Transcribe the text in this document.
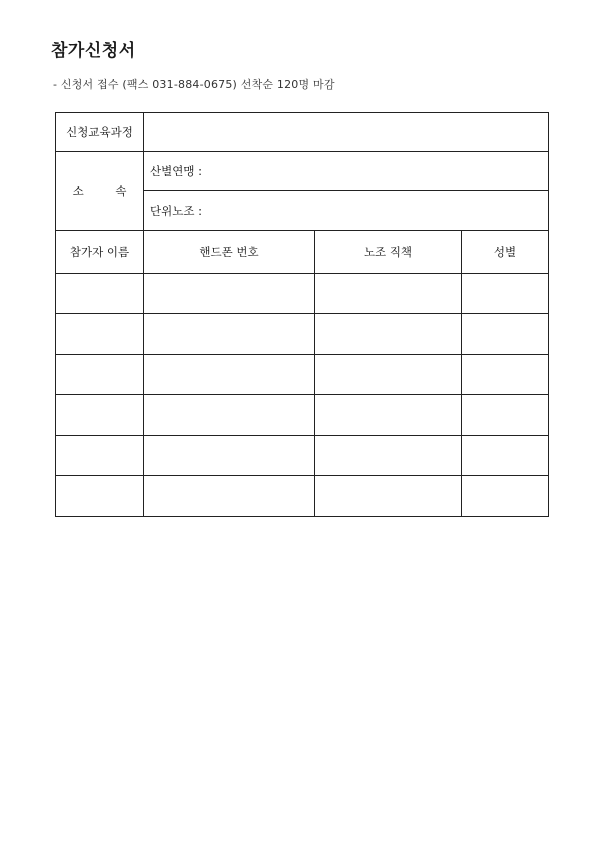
참가신청서
- 신청서 접수 (팩스 031-884-0675) 선착순 120명 마감
신청교육과정			
소 속	산별연맹 :		
	단위노조 :		
참가자 이름	핸드폰 번호	노조 직책	성별
